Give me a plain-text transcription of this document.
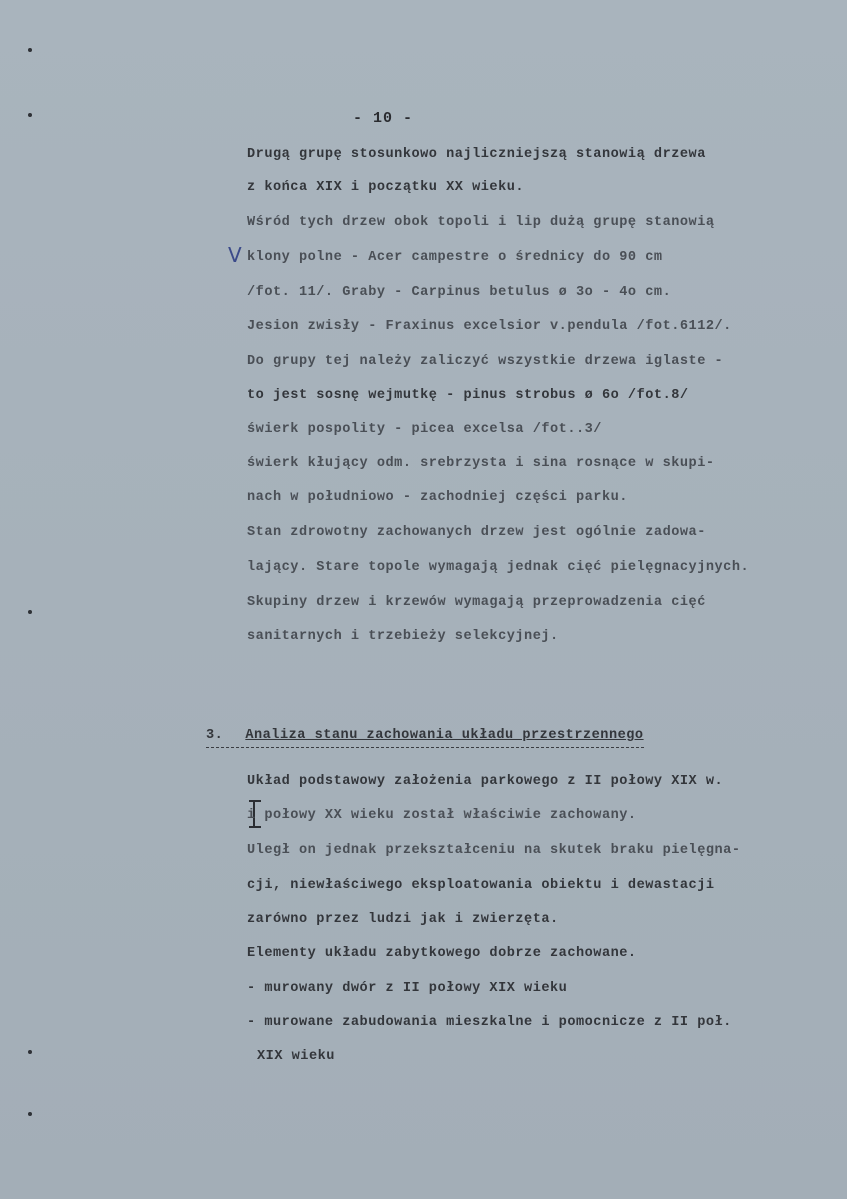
- 10 -
V
Drugą grupę stosunkowo najliczniejszą stanowią drzewa
z końca XIX i początku XX wieku.
Wśród tych drzew obok topoli i lip dużą grupę stanowią
klony polne - Acer campestre o średnicy do 90 cm
/fot. 11/. Graby - Carpinus betulus ø 3o - 4o cm.
Jesion zwisły - Fraxinus excelsior v.pendula /fot.6112/.
Do grupy tej należy zaliczyć wszystkie drzewa iglaste -
to jest sosnę wejmutkę - pinus strobus ø 6o /fot.8/
świerk pospolity - picea excelsa /fot..3/
świerk kłujący odm. srebrzysta i sina rosnące w skupi-
nach w południowo - zachodniej części parku.
Stan zdrowotny zachowanych drzew jest ogólnie zadowa-
lający. Stare topole wymagają jednak cięć pielęgnacyjnych.
Skupiny drzew i krzewów wymagają przeprowadzenia cięć
sanitarnych i trzebieży selekcyjnej.
3. Analiza stanu zachowania układu przestrzennego
Układ podstawowy założenia parkowego z II połowy XIX w.
i połowy XX wieku został właściwie zachowany.
Uległ on jednak przekształceniu na skutek braku pielęgna-
cji, niewłaściwego eksploatowania obiektu i dewastacji
zarówno przez ludzi jak i zwierzęta.
Elementy układu zabytkowego dobrze zachowane.
- murowany dwór z II połowy XIX wieku
- murowane zabudowania mieszkalne i pomocnicze z II poł.
XIX wieku
